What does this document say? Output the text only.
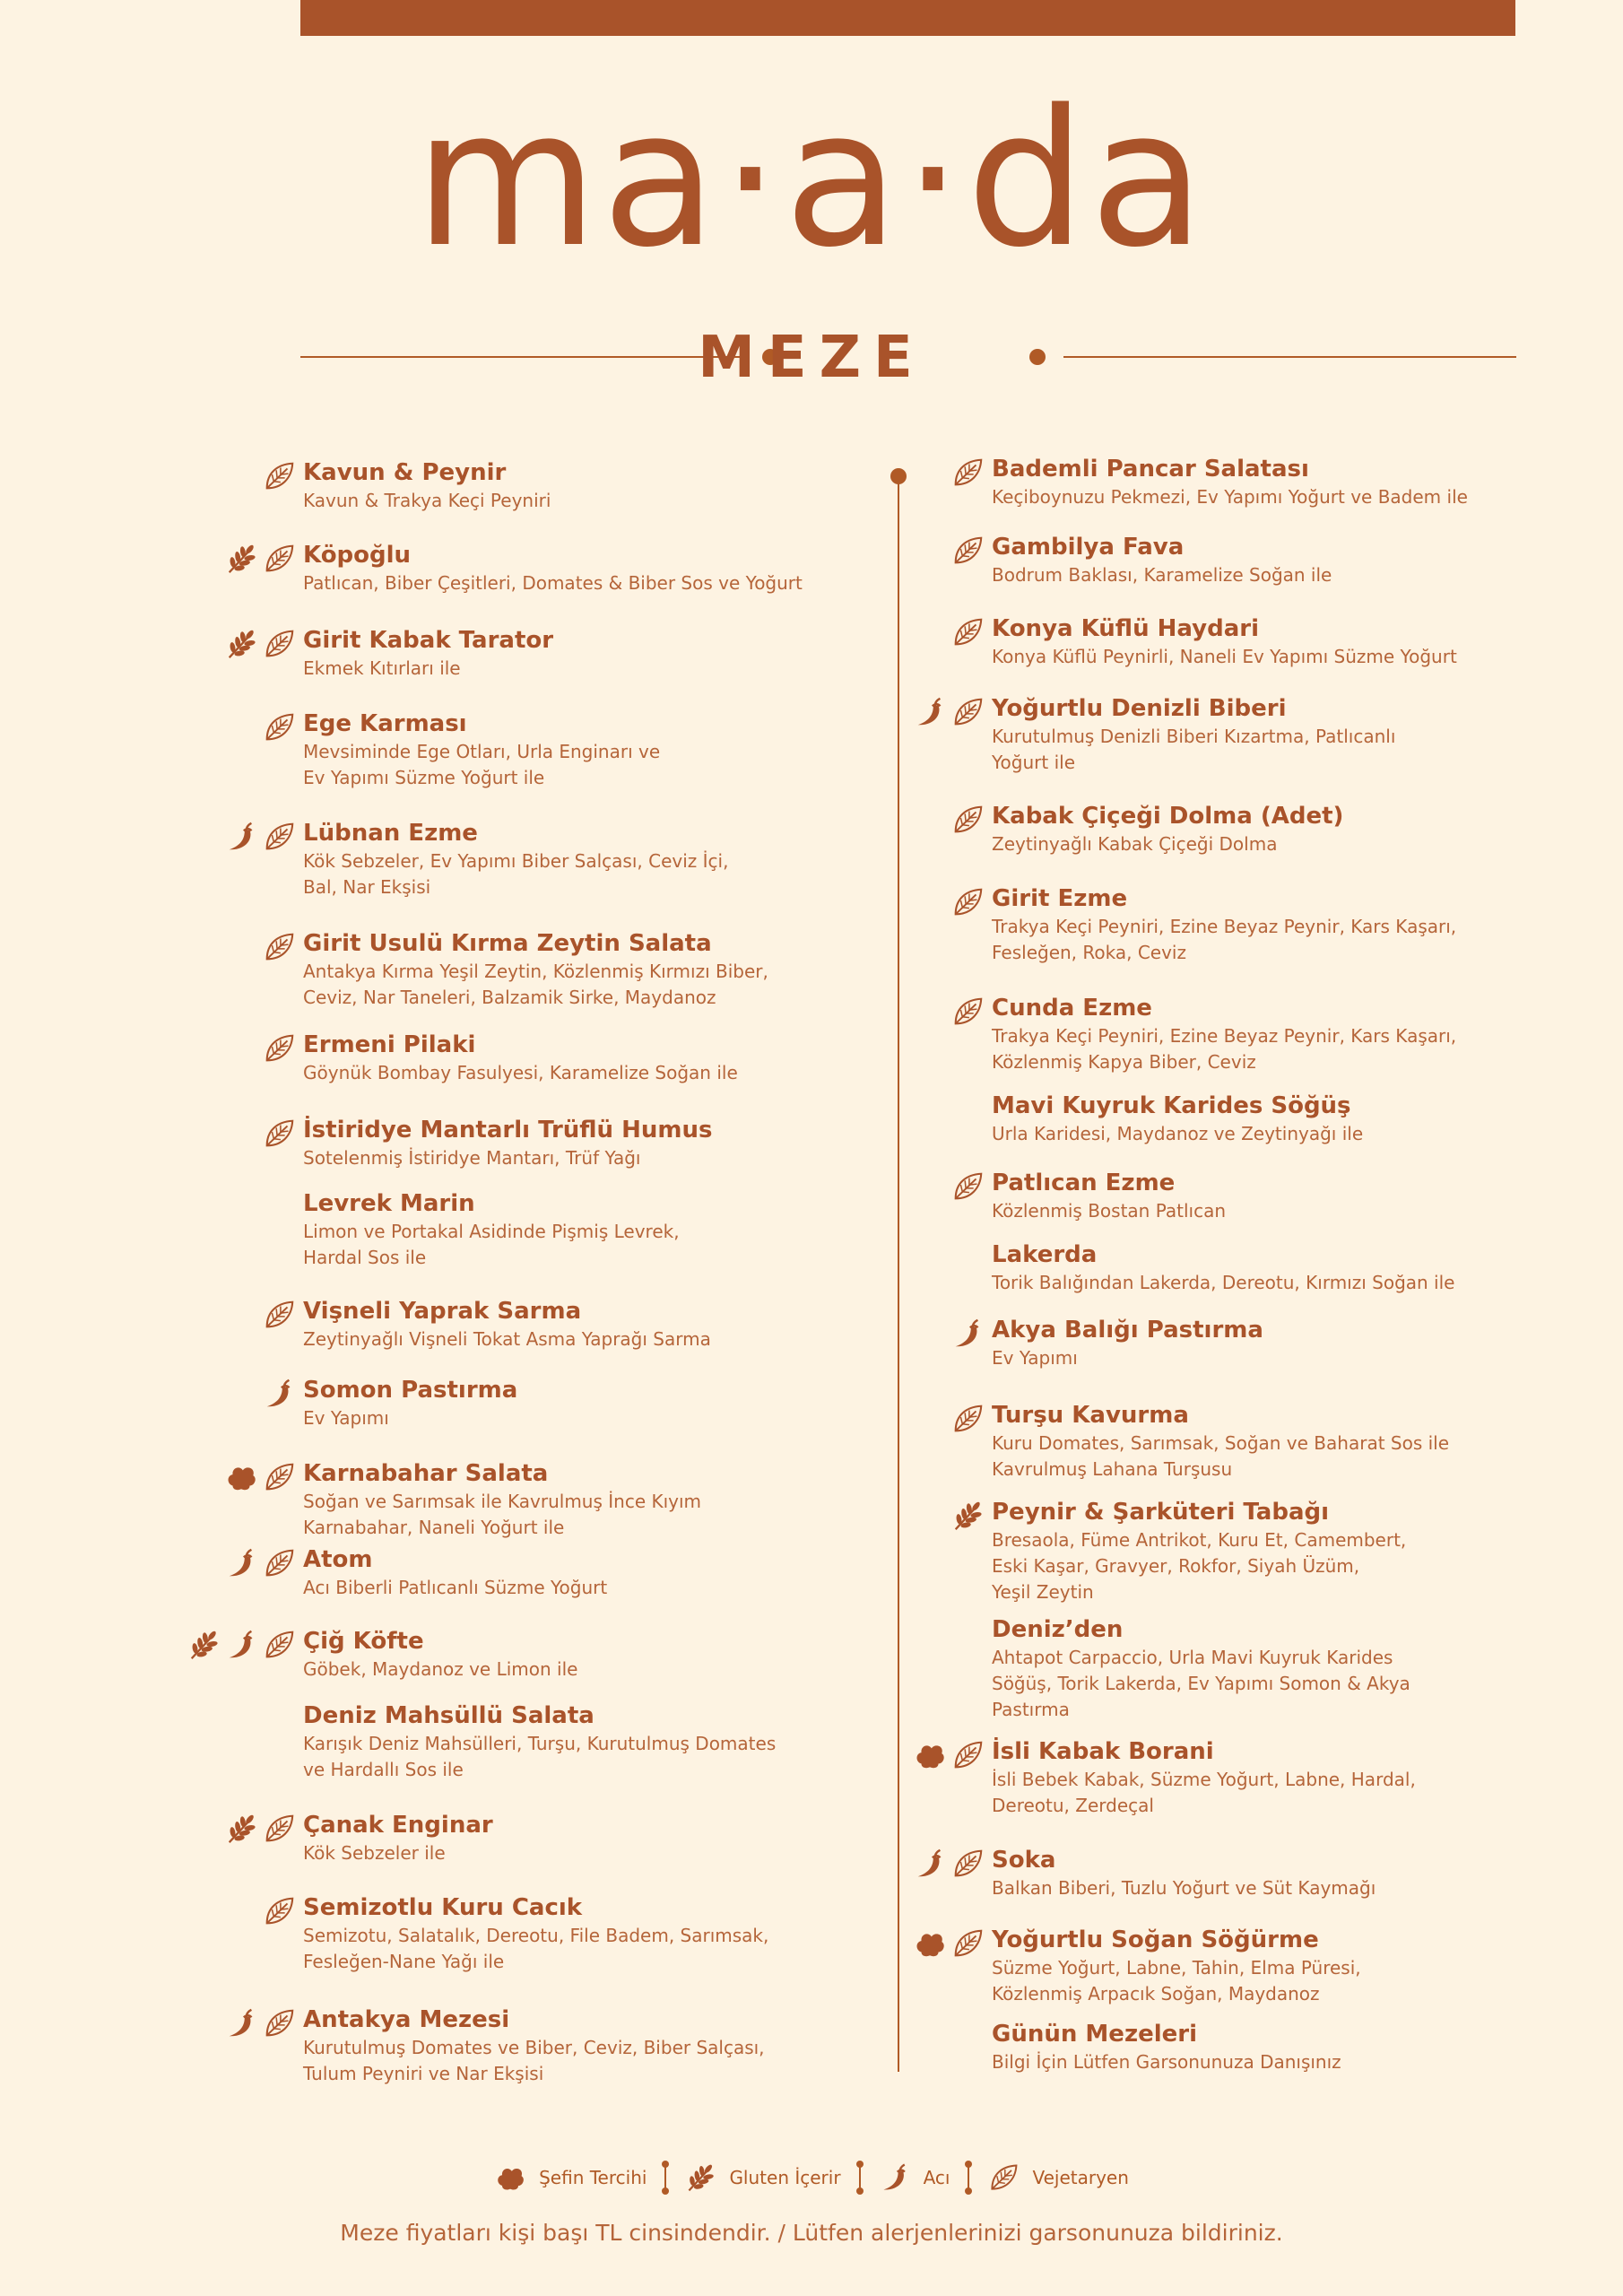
ma·a·da
MEZE
Kavun & Peynir
Kavun & Trakya Keçi Peyniri
Köpoğlu
Patlıcan, Biber Çeşitleri, Domates & Biber Sos ve Yoğurt
Girit Kabak Tarator
Ekmek Kıtırları ile
Ege Karması
Mevsiminde Ege Otları, Urla Enginarı ve
Ev Yapımı Süzme Yoğurt ile
Lübnan Ezme
Kök Sebzeler, Ev Yapımı Biber Salçası, Ceviz İçi,
Bal, Nar Ekşisi
Girit Usulü Kırma Zeytin Salata
Antakya Kırma Yeşil Zeytin, Közlenmiş Kırmızı Biber,
Ceviz, Nar Taneleri, Balzamik Sirke, Maydanoz
Ermeni Pilaki
Göynük Bombay Fasulyesi, Karamelize Soğan ile
İstiridye Mantarlı Trüflü Humus
Sotelenmiş İstiridye Mantarı, Trüf Yağı
Levrek Marin
Limon ve Portakal Asidinde Pişmiş Levrek,
Hardal Sos ile
Vişneli Yaprak Sarma
Zeytinyağlı Vişneli Tokat Asma Yaprağı Sarma
Somon Pastırma
Ev Yapımı
Karnabahar Salata
Soğan ve Sarımsak ile Kavrulmuş İnce Kıyım
Karnabahar, Naneli Yoğurt ile
Atom
Acı Biberli Patlıcanlı Süzme Yoğurt
Çiğ Köfte
Göbek, Maydanoz ve Limon ile
Deniz Mahsüllü Salata
Karışık Deniz Mahsülleri, Turşu, Kurutulmuş Domates
ve Hardallı Sos ile
Çanak Enginar
Kök Sebzeler ile
Semizotlu Kuru Cacık
Semizotu, Salatalık, Dereotu, File Badem, Sarımsak,
Fesleğen-Nane Yağı ile
Antakya Mezesi
Kurutulmuş Domates ve Biber, Ceviz, Biber Salçası,
Tulum Peyniri ve Nar Ekşisi
Bademli Pancar Salatası
Keçiboynuzu Pekmezi, Ev Yapımı Yoğurt ve Badem ile
Gambilya Fava
Bodrum Baklası, Karamelize Soğan ile
Konya Küflü Haydari
Konya Küflü Peynirli, Naneli Ev Yapımı Süzme Yoğurt
Yoğurtlu Denizli Biberi
Kurutulmuş Denizli Biberi Kızartma, Patlıcanlı
Yoğurt ile
Kabak Çiçeği Dolma (Adet)
Zeytinyağlı Kabak Çiçeği Dolma
Girit Ezme
Trakya Keçi Peyniri, Ezine Beyaz Peynir, Kars Kaşarı,
Fesleğen, Roka, Ceviz
Cunda Ezme
Trakya Keçi Peyniri, Ezine Beyaz Peynir, Kars Kaşarı,
Közlenmiş Kapya Biber, Ceviz
Mavi Kuyruk Karides Söğüş
Urla Karidesi, Maydanoz ve Zeytinyağı ile
Patlıcan Ezme
Közlenmiş Bostan Patlıcan
Lakerda
Torik Balığından Lakerda, Dereotu, Kırmızı Soğan ile
Akya Balığı Pastırma
Ev Yapımı
Turşu Kavurma
Kuru Domates, Sarımsak, Soğan ve Baharat Sos ile
Kavrulmuş Lahana Turşusu
Peynir & Şarküteri Tabağı
Bresaola, Füme Antrikot, Kuru Et, Camembert,
Eski Kaşar, Gravyer, Rokfor, Siyah Üzüm,
Yeşil Zeytin
Deniz’den
Ahtapot Carpaccio, Urla Mavi Kuyruk Karides
Söğüş, Torik Lakerda, Ev Yapımı Somon & Akya
Pastırma
İsli Kabak Borani
İsli Bebek Kabak, Süzme Yoğurt, Labne, Hardal,
Dereotu, Zerdeçal
Soka
Balkan Biberi, Tuzlu Yoğurt ve Süt Kaymağı
Yoğurtlu Soğan Söğürme
Süzme Yoğurt, Labne, Tahin, Elma Püresi,
Közlenmiş Arpacık Soğan, Maydanoz
Günün Mezeleri
Bilgi İçin Lütfen Garsonunuza Danışınız
Şefin Tercihi	Gluten İçerir	Acı	Vejetaryen
Meze fiyatları kişi başı TL cinsindendir. / Lütfen alerjenlerinizi garsonunuza bildiriniz.
